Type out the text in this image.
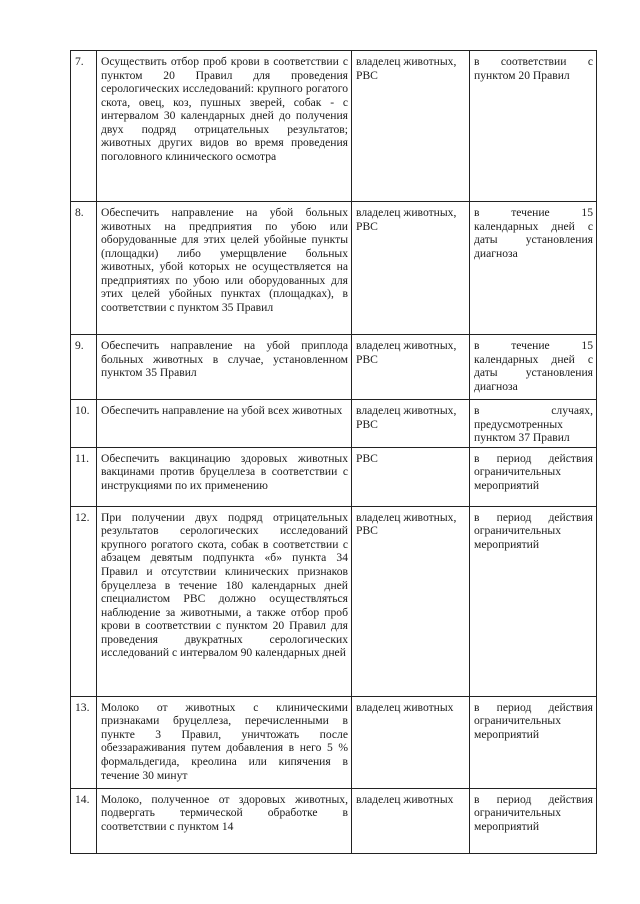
7.	Осуществить отбор проб крови в соответствии с пунктом 20 Правил для проведения серологических исследований: крупного рогатого скота, овец, коз, пушных зверей, собак - с интервалом 30 календарных дней до получения двух подряд отрицательных результатов; животных других видов во время проведения поголовного клинического осмотра	владелец животных, РВС	в соответствии с пунктом 20 Правил
8.	Обеспечить направление на убой больных животных на предприятия по убою или оборудованные для этих целей убойные пункты (площадки) либо умерщвление больных животных, убой которых не осуществляется на предприятиях по убою или оборудованных для этих целей убойных пунктах (площадках), в соответствии с пунктом 35 Правил	владелец животных, РВС	в течение 15 календарных дней с даты установления диагноза
9.	Обеспечить направление на убой приплода больных животных в случае, установленном пунктом 35 Правил	владелец животных, РВС	в течение 15 календарных дней с даты установления диагноза
10.	Обеспечить направление на убой всех животных	владелец животных, РВС	в случаях, предусмотренных пунктом 37 Правил
11.	Обеспечить вакцинацию здоровых животных вакцинами против бруцеллеза в соответствии с инструкциями по их применению	РВС	в период действия ограничительных мероприятий
12.	При получении двух подряд отрицательных результатов серологических исследований крупного рогатого скота, собак в соответствии с абзацем девятым подпункта «б» пункта 34 Правил и отсутствии клинических признаков бруцеллеза в течение 180 календарных дней специалистом РВС должно осуществляться наблюдение за животными, а также отбор проб крови в соответствии с пунктом 20 Правил для проведения двукратных серологических исследований с интервалом 90 календарных дней	владелец животных, РВС	в период действия ограничительных мероприятий
13.	Молоко от животных с клиническими признаками бруцеллеза, перечисленными в пункте 3 Правил, уничтожать после обеззараживания путем добавления в него 5 % формальдегида, креолина или кипячения в течение 30 минут	владелец животных	в период действия ограничительных мероприятий
14.	Молоко, полученное от здоровых животных, подвергать термической обработке в соответствии с пунктом 14	владелец животных	в период действия ограничительных мероприятий
